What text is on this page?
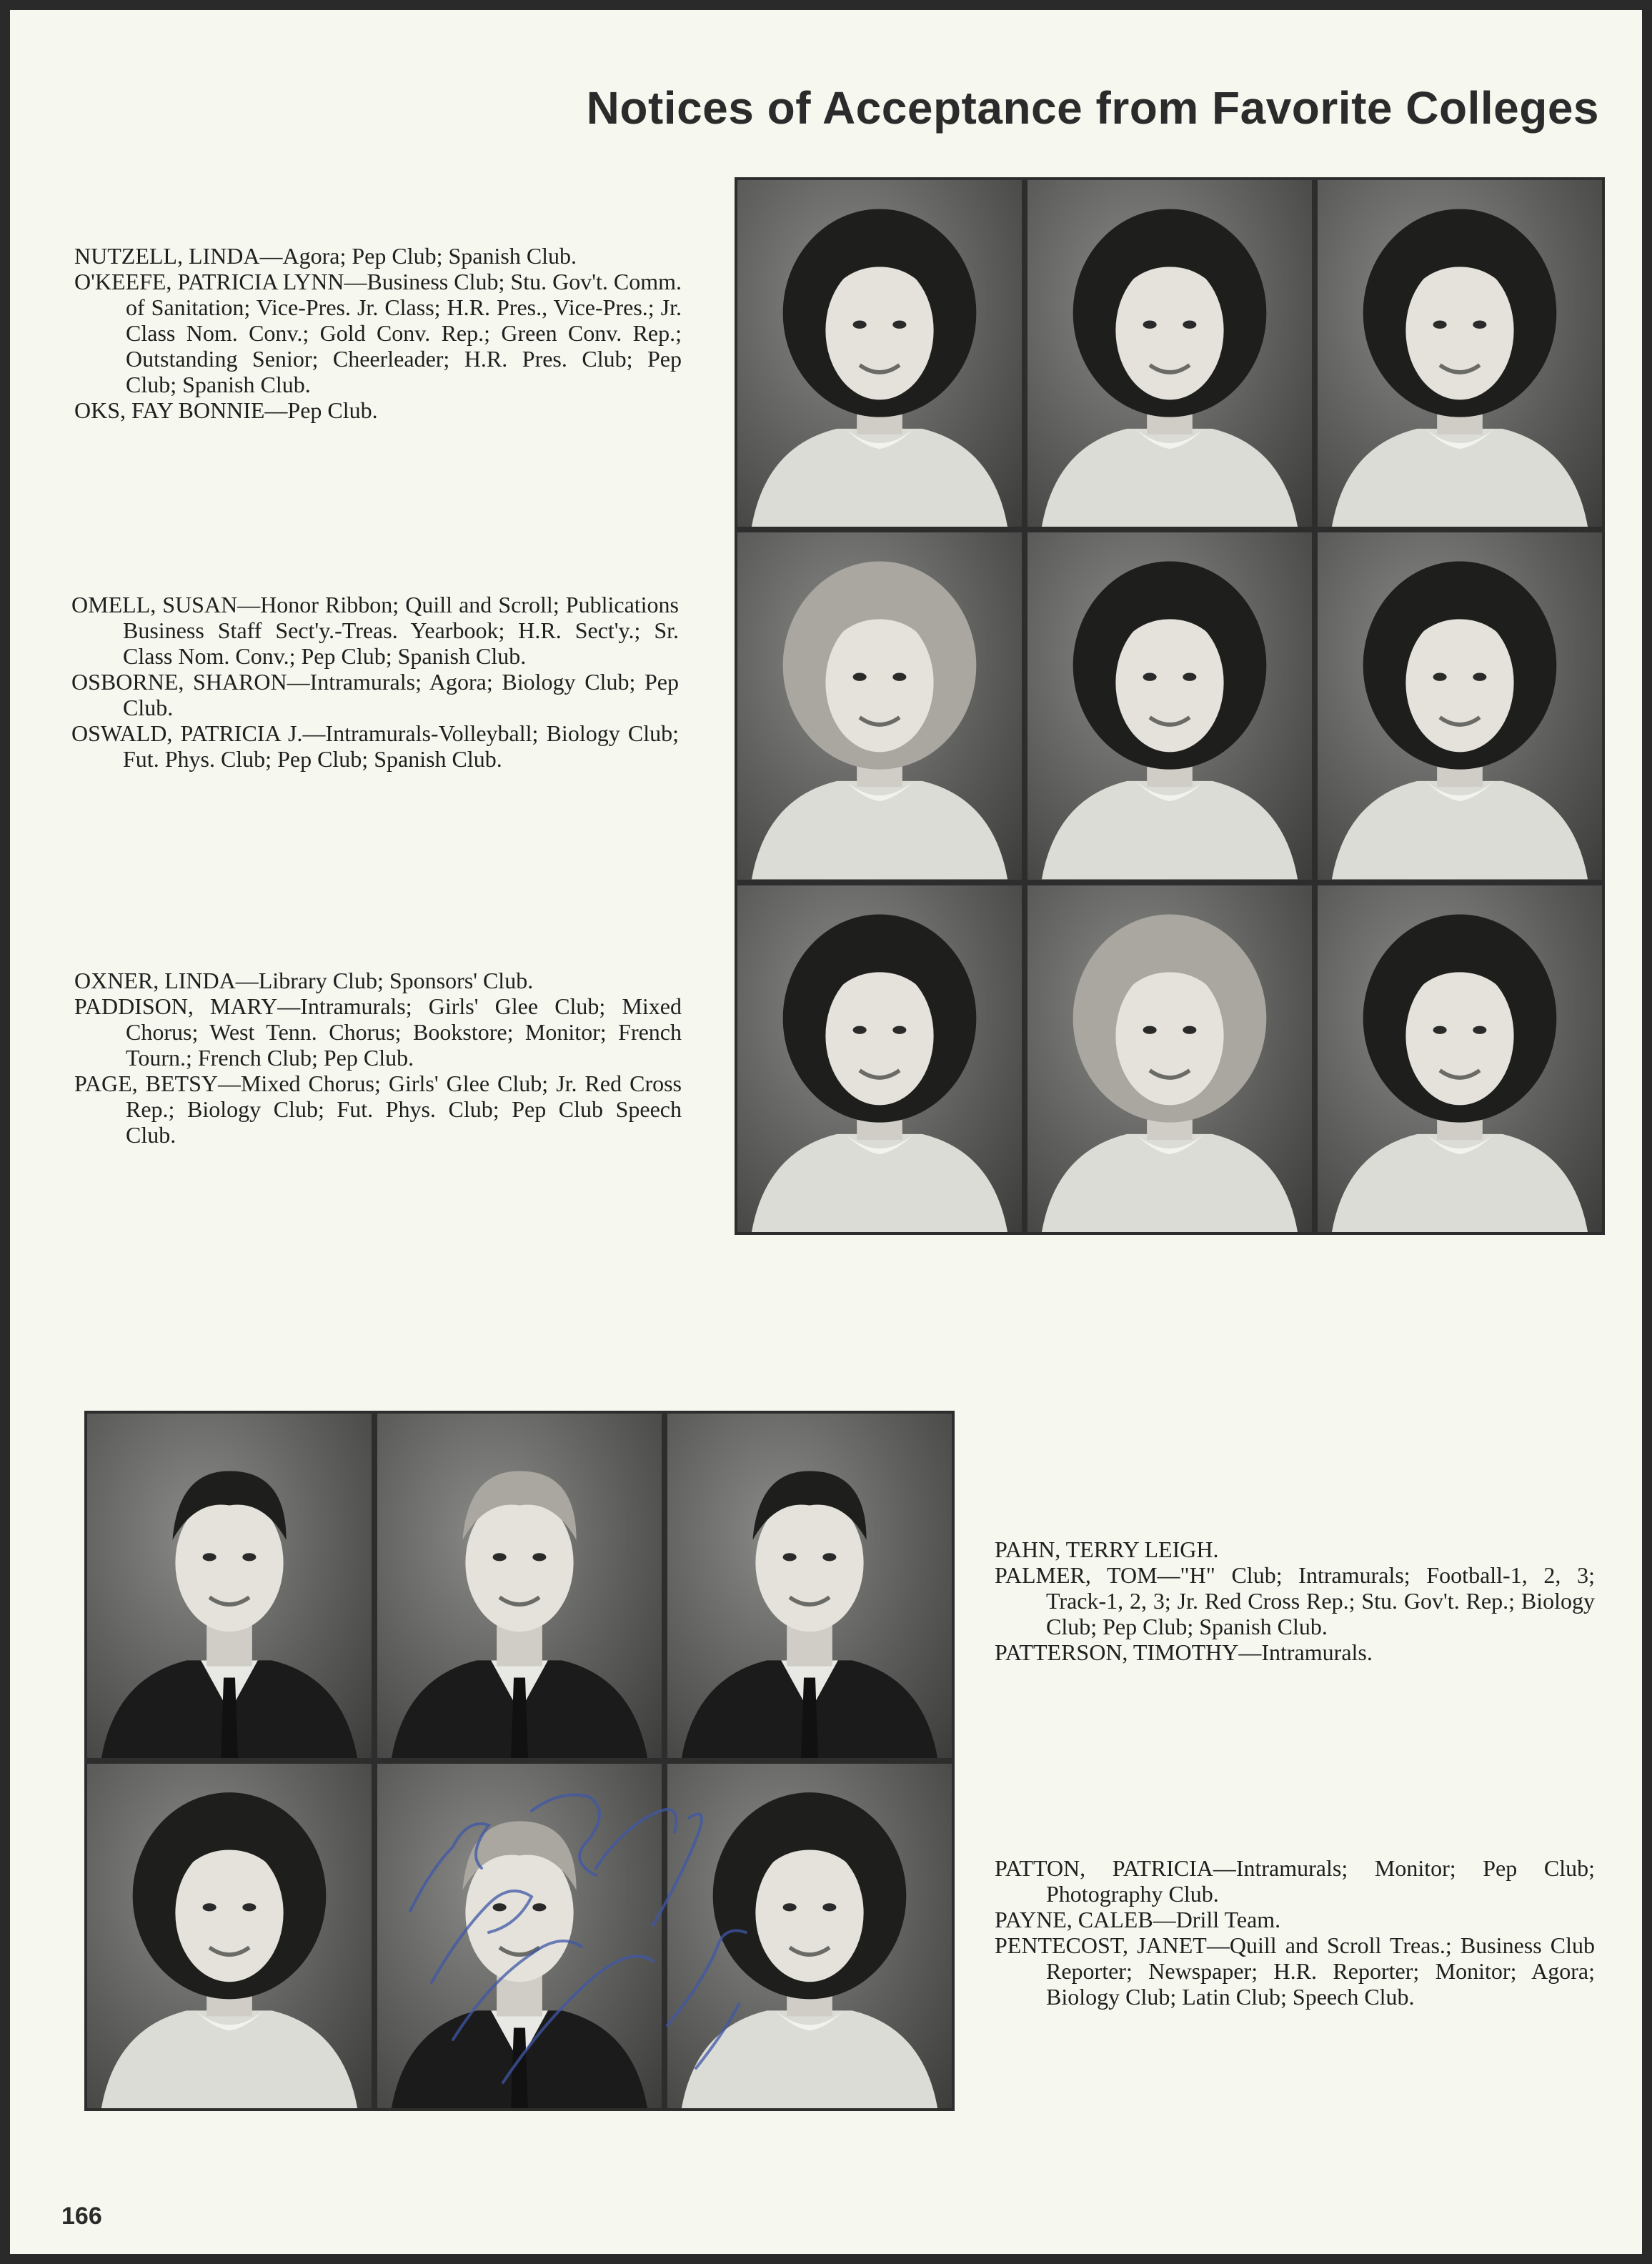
Notices of Acceptance from Favorite Colleges

NUTZELL, LINDA—Agora; Pep Club; Spanish Club.

O'KEEFE, PATRICIA LYNN—Business Club; Stu. Gov't. Comm. of Sanitation; Vice-Pres. Jr. Class; H.R. Pres., Vice-Pres.; Jr. Class Nom. Conv.; Gold Conv. Rep.; Green Conv. Rep.; Outstanding Senior; Cheerleader; H.R. Pres. Club; Pep Club; Spanish Club.

OKS, FAY BONNIE—Pep Club.

OMELL, SUSAN—Honor Ribbon; Quill and Scroll; Publications Business Staff Sect'y.-Treas. Yearbook; H.R. Sect'y.; Sr. Class Nom. Conv.; Pep Club; Spanish Club.

OSBORNE, SHARON—Intramurals; Agora; Biology Club; Pep Club.

OSWALD, PATRICIA J.—Intramurals-Volleyball; Biology Club; Fut. Phys. Club; Pep Club; Spanish Club.

OXNER, LINDA—Library Club; Sponsors' Club.

PADDISON, MARY—Intramurals; Girls' Glee Club; Mixed Chorus; West Tenn. Chorus; Bookstore; Monitor; French Tourn.; French Club; Pep Club.

PAGE, BETSY—Mixed Chorus; Girls' Glee Club; Jr. Red Cross Rep.; Biology Club; Fut. Phys. Club; Pep Club Speech Club.

PAHN, TERRY LEIGH.

PALMER, TOM—"H" Club; Intramurals; Football-1, 2, 3; Track-1, 2, 3; Jr. Red Cross Rep.; Stu. Gov't. Rep.; Biology Club; Pep Club; Spanish Club.

PATTERSON, TIMOTHY—Intramurals.

PATTON, PATRICIA—Intramurals; Monitor; Pep Club; Photography Club.

PAYNE, CALEB—Drill Team.

PENTECOST, JANET—Quill and Scroll Treas.; Business Club Reporter; Newspaper; H.R. Reporter; Monitor; Agora; Biology Club; Latin Club; Speech Club.

166
